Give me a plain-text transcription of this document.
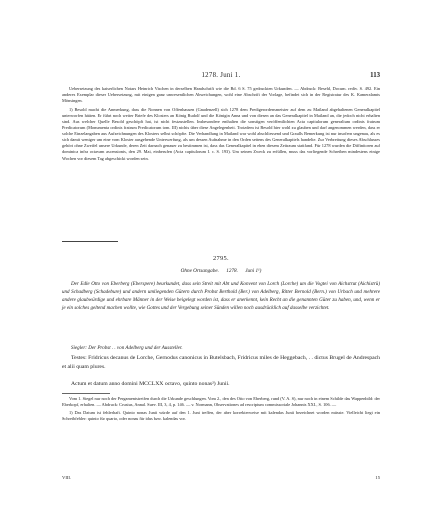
1278. Juni 1.	113

Uebersetzung des kaiserlichen Notars Heinrich Vischen in derselben Handschrift wie die Bd. 6 S. 75 gedruckten Urkunden. — Abdruck: Beseld, Docum. rediv. S. 492. Ein anderes Exemplar dieser Uebersetzung, mit einigen ganz unwesentlichen Abweichungen, wohl eine Abschrift der Vorlage, befindet sich in der Registratur des K. Kameralamts Mönsingen.

1) Besold macht die Anmerkung, dass die Nonnen von Offenhausen (Gnadenzell) sich 1278 dem Predigerordensmeister auf dem zu Mailand abgehaltenen Generalkapitel unterworfen hätten. Er führt noch weiter Briefe des Klosters an König Rudolf und die Königin Anna und von diesen an das Generalkapitel in Mailand an, die jedoch nicht erhalten sind. Aus welcher Quelle Besold geschöpft hat, ist nicht festzustellen. Insbesondere enthalten die sonstigen veröffentlichten Acta capitulorum generalium ordinis fratrum Predicatorum (Monumenta ordinis fratrum Predicatorum tom. III) nichts über diese Angelegenheit. Trotzdem ist Besold hier wohl zu glauben und darf angenommen werden, dass er solche Einzelangaben aus Aufzeichnungen des Klosters selbst schöpfte. Die Verhandlung in Mailand war wohl abschliessend und Graulls Bemerkung ist nur insofern ungenau, als es sich damit weniger um eine vom Kloster ausgehende Unterwerfung, als um dessen Aufnahme in den Orden seitens des Generalkapitels handelte. Zur Verbreitung dieses Abschlusses gehört ohne Zweifel unsere Urkunde, deren Zeit darnach genauer zu bestimmen ist, dass das Generalkapitel in eben diesem Zeitraum stattfand. Für 1278 wurden die Diffinitoren auf dominica infra octavam ascensionis, den 29. Mai, einberufen (Acta capitulorum I. c. S. 193). Um seinen Zweck zu erfüllen, muss das vorliegende Schreiben mindestens einige Wochen vor diesem Tag abgeschickt worden sein.

2795.
Ohne Ortsangabe. 1278. Juni 1¹)
Der Edle Otto von Eberberg (Eberspere) beurkundet, dass sein Streit mit Abt und Konvent von Lorch (Lorche) um die Vogtei von Aichstrut (Aichistrü) und Schadberg (Schadebure) und andern umliegenden Gütern durch Probst Berthold (Ber.) von Adelberg, Ritter Bernold (Bern.) von Urbach und mehrere andere glaubwürdige und ehrbare Männer in der Weise beigelegt worden ist, dass er anerkennt, kein Recht an die genannten Güter zu haben, und, wenn er je ein solches geltend machen wollte, wie Gottes und der Vergebung seiner Sünden willen noch ausdrücklich auf dasselbe verzichtet.
Siegler: Der Probst . . von Adelberg und der Aussteller.
Testes: Fridricus decanus de Lorche, Gernodus canonicus in Butelsbach, Fridricus miles de Heggebach, . . dictus Brugel de Andrespach et alii quam plures.
Actum et datum anno domini MCCLXX octavo, quinto nonas²) Junii.

Vom 1. Siegel nur noch der Pergamentstreifen durch die Urkunde geschlungen. Vom 2., den des Otto von Eberberg, rund (V. A. S), nur noch in einem Schilde das Wappenbild: der Eberkopf, erhalten. — Abdruck: Crusius, Annal. Suev. III, 3, 4, p. 146. — v. Normann, Observationes ad rescriptum commissoriale Johannis XXI., S. 106. —

1) Das Datum ist fehlerhaft. Quinto nonas Junii würde auf den 1. Juni treffen, der aber korrekterweise mit kalendas Junii bezeichnet worden müsste. Vielleicht liegt ein Schreibfehler: quinto für quarto, oder nonas für idus bzw. kalendas vor.

VIII.	15
